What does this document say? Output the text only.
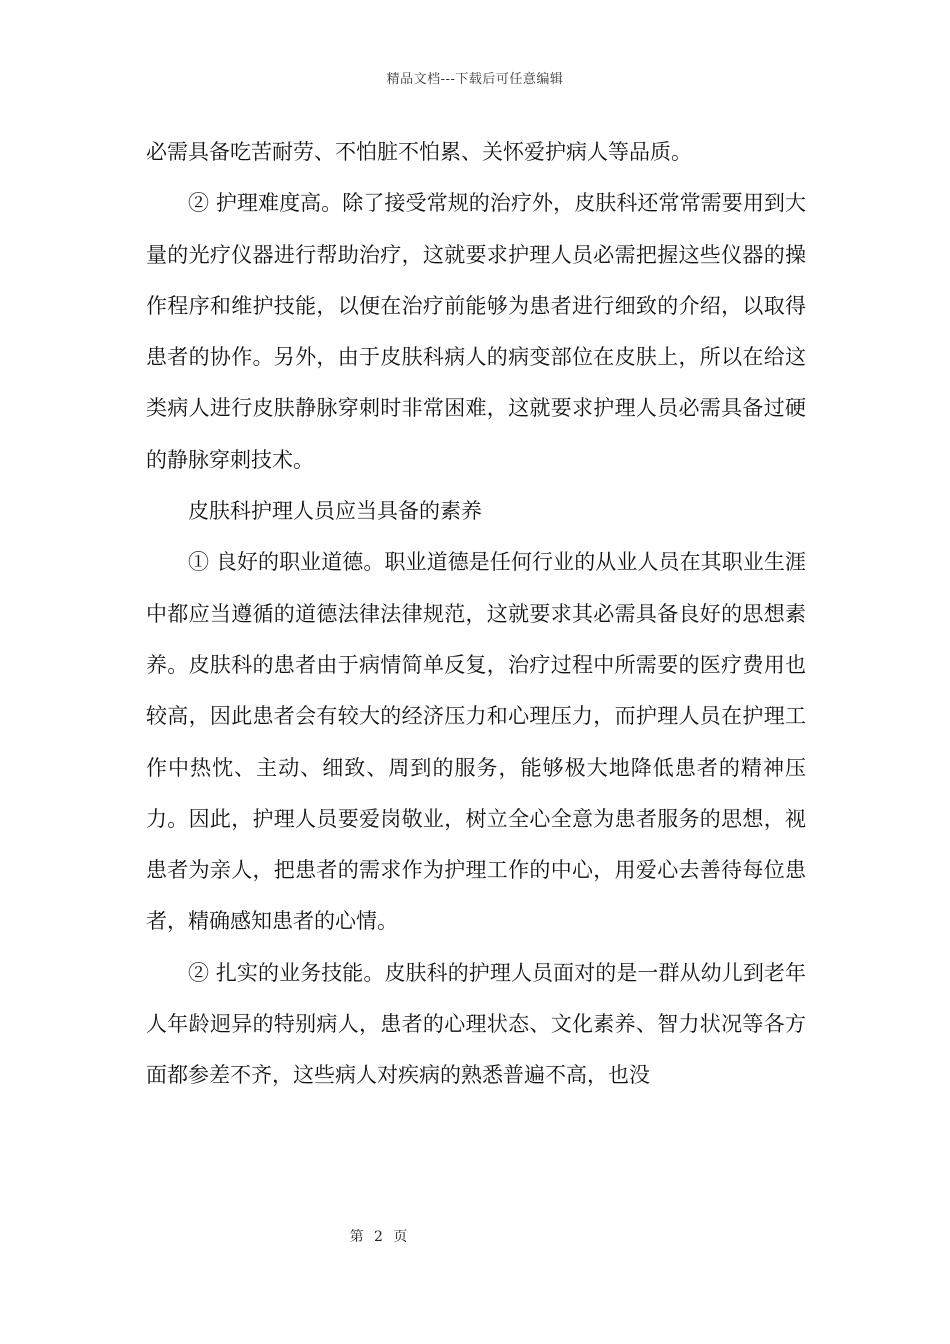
精品文档---下载后可任意编辑

必需具备吃苦耐劳、不怕脏不怕累、关怀爱护病人等品质。

② 护理难度高。除了接受常规的治疗外，皮肤科还常常需要用到大量的光疗仪器进行帮助治疗，这就要求护理人员必需把握这些仪器的操作程序和维护技能，以便在治疗前能够为患者进行细致的介绍，以取得患者的协作。另外，由于皮肤科病人的病变部位在皮肤上，所以在给这类病人进行皮肤静脉穿刺时非常困难，这就要求护理人员必需具备过硬的静脉穿刺技术。

皮肤科护理人员应当具备的素养

① 良好的职业道德。职业道德是任何行业的从业人员在其职业生涯中都应当遵循的道德法律法律规范，这就要求其必需具备良好的思想素养。皮肤科的患者由于病情简单反复，治疗过程中所需要的医疗费用也较高，因此患者会有较大的经济压力和心理压力，而护理人员在护理工作中热忱、主动、细致、周到的服务，能够极大地降低患者的精神压力。因此，护理人员要爱岗敬业，树立全心全意为患者服务的思想，视患者为亲人，把患者的需求作为护理工作的中心，用爱心去善待每位患者，精确感知患者的心情。

② 扎实的业务技能。皮肤科的护理人员面对的是一群从幼儿到老年人年龄迥异的特别病人，患者的心理状态、文化素养、智力状况等各方面都参差不齐，这些病人对疾病的熟悉普遍不高，也没

第 2 页
